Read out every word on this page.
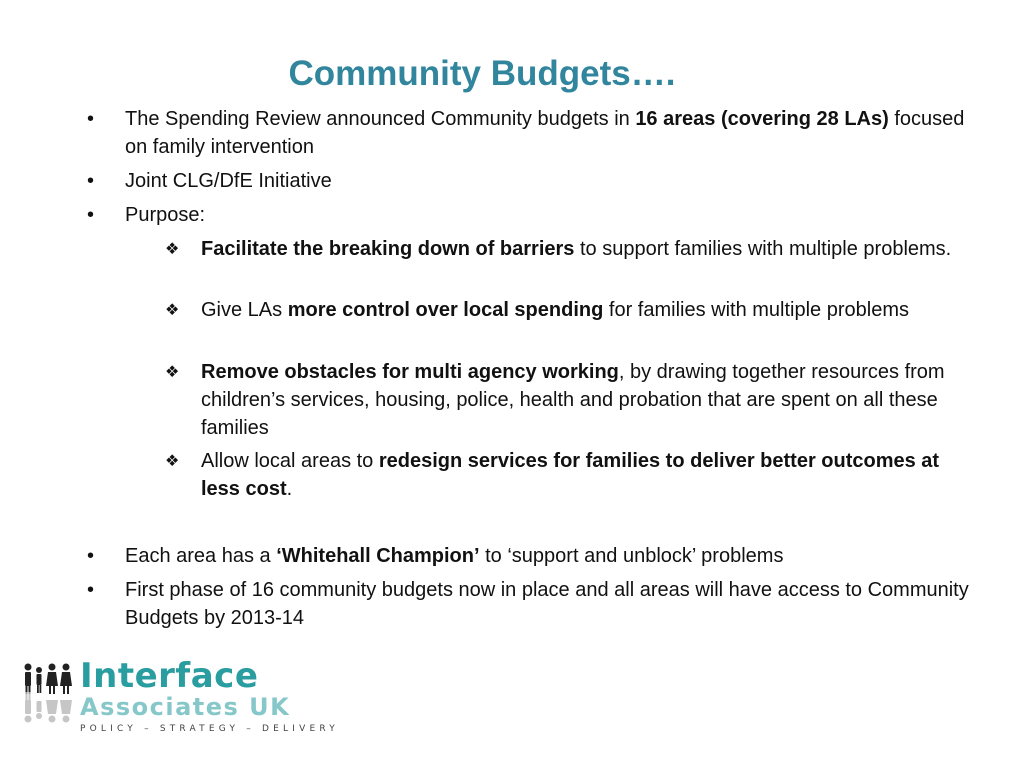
Community Budgets….
• The Spending Review announced Community budgets in 16 areas (covering 28 LAs) focused on family intervention
• Joint CLG/DfE Initiative
• Purpose:
❖ Facilitate the breaking down of barriers to support families with multiple problems.
❖ Give LAs more control over local spending for families with multiple problems
❖ Remove obstacles for multi agency working, by drawing together resources from children’s services, housing, police, health and probation that are spent on all these families
❖ Allow local areas to redesign services for families to deliver better outcomes at less cost.
• Each area has a ‘Whitehall Champion’ to ‘support and unblock’ problems
• First phase of 16 community budgets now in place and all areas will have access to Community Budgets by 2013-14
Interface
Associates UK
POLICY – STRATEGY – DELIVERY
